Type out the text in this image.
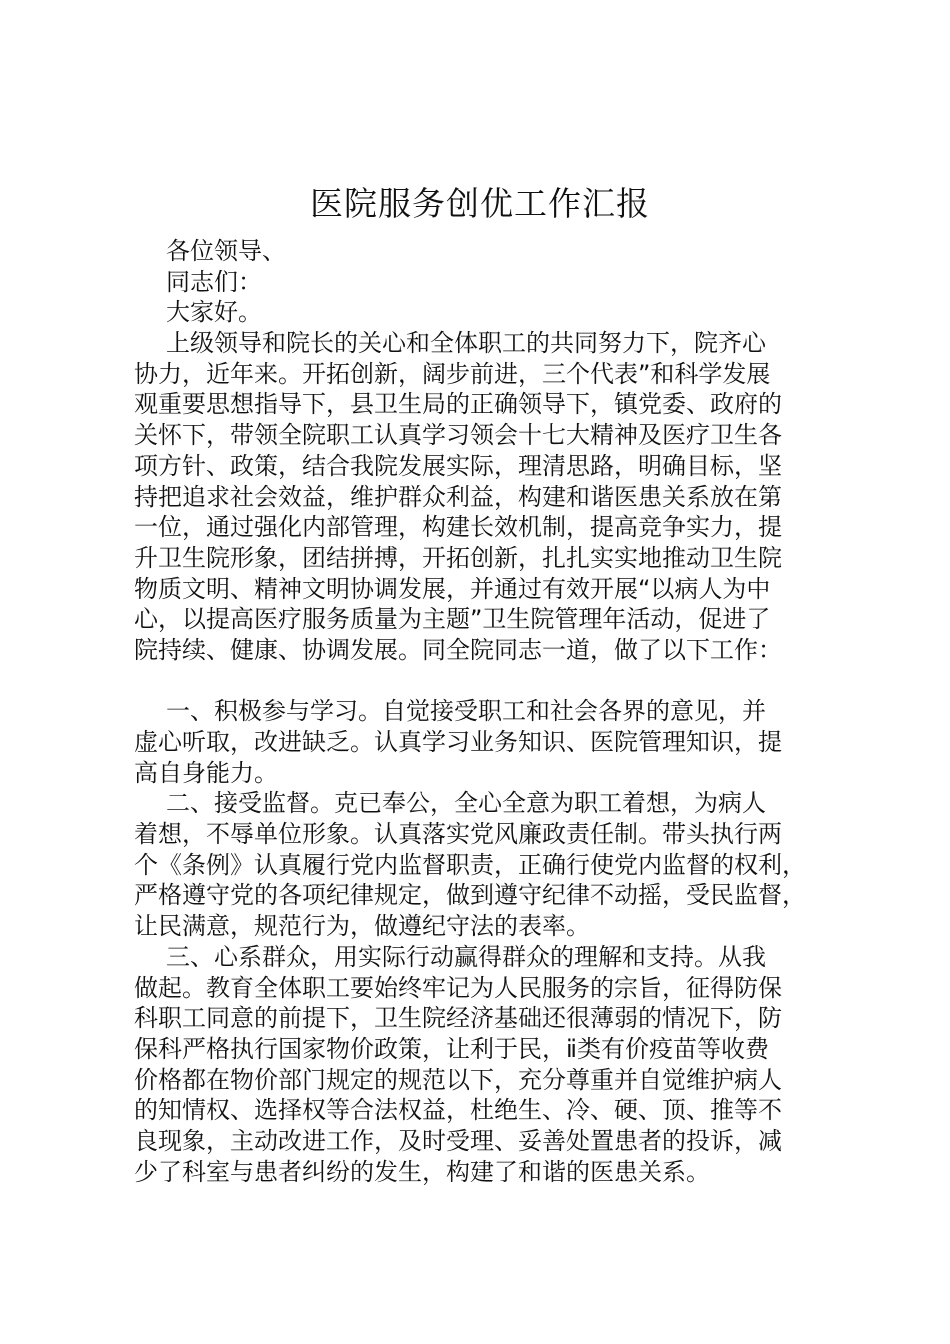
医院服务创优工作汇报

各位领导、

同志们：

大家好。

上级领导和院长的关心和全体职工的共同努力下，院齐心

协力，近年来。开拓创新，阔步前进，三个代表”和科学发展

观重要思想指导下，县卫生局的正确领导下，镇党委、政府的

关怀下，带领全院职工认真学习领会十七大精神及医疗卫生各

项方针、政策，结合我院发展实际，理清思路，明确目标，坚

持把追求社会效益，维护群众利益，构建和谐医患关系放在第

一位，通过强化内部管理，构建长效机制，提高竞争实力，提

升卫生院形象，团结拼搏，开拓创新，扎扎实实地推动卫生院

物质文明、精神文明协调发展，并通过有效开展“以病人为中

心，以提高医疗服务质量为主题”卫生院管理年活动，促进了

院持续、健康、协调发展。同全院同志一道，做了以下工作：

一、积极参与学习。自觉接受职工和社会各界的意见，并

虚心听取，改进缺乏。认真学习业务知识、医院管理知识，提

高自身能力。

二、接受监督。克已奉公，全心全意为职工着想，为病人

着想，不辱单位形象。认真落实党风廉政责任制。带头执行两

个《条例》认真履行党内监督职责，正确行使党内监督的权利，

严格遵守党的各项纪律规定，做到遵守纪律不动摇，受民监督，

让民满意，规范行为，做遵纪守法的表率。

三、心系群众，用实际行动赢得群众的理解和支持。从我

做起。教育全体职工要始终牢记为人民服务的宗旨，征得防保

科职工同意的前提下，卫生院经济基础还很薄弱的情况下，防

保科严格执行国家物价政策，让利于民，ⅱ类有价疫苗等收费

价格都在物价部门规定的规范以下，充分尊重并自觉维护病人

的知情权、选择权等合法权益，杜绝生、冷、硬、顶、推等不

良现象，主动改进工作，及时受理、妥善处置患者的投诉，减

少了科室与患者纠纷的发生，构建了和谐的医患关系。
